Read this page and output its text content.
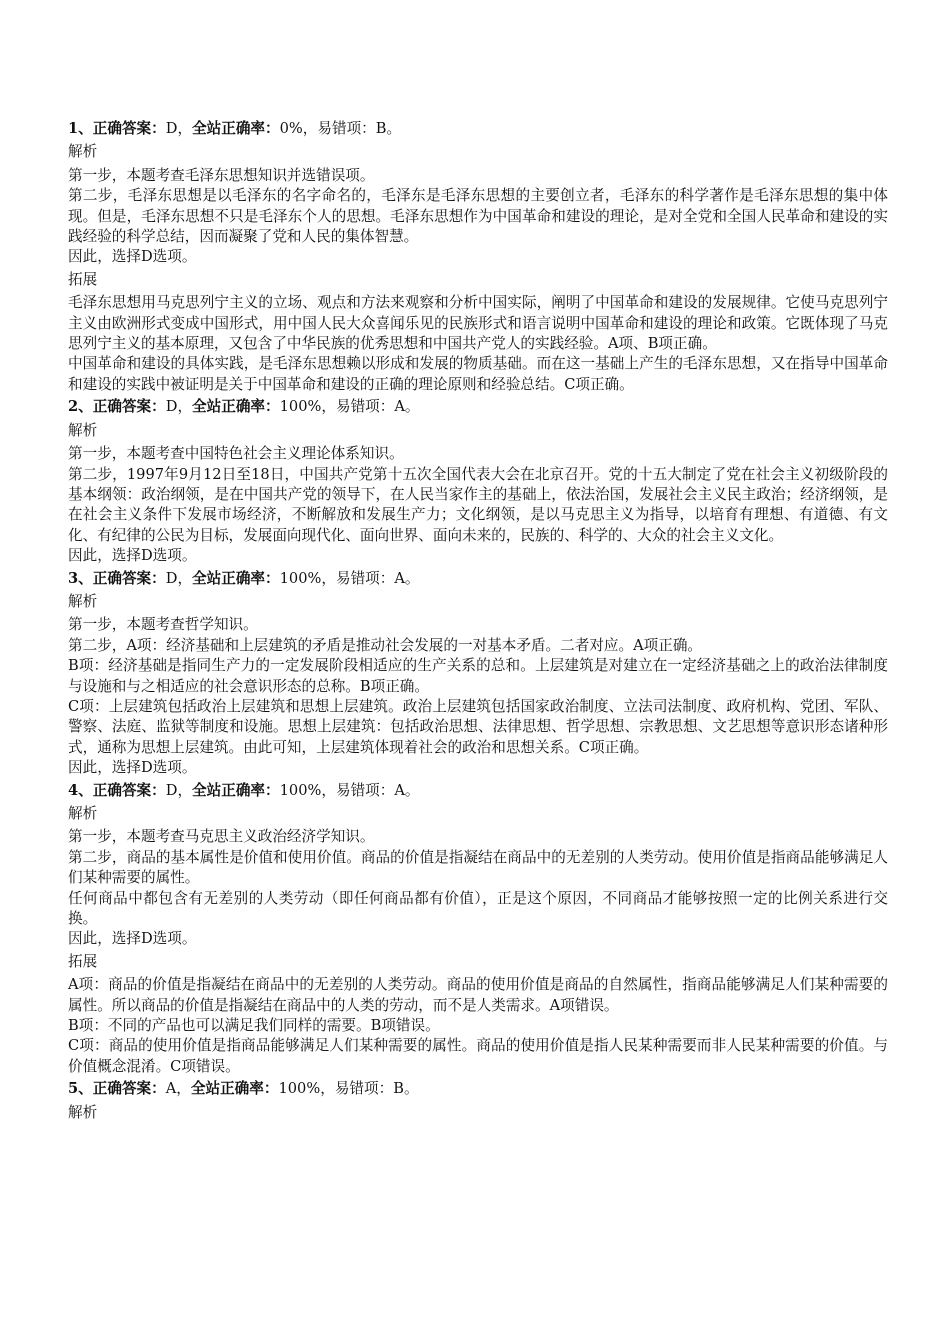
1、正确答案：D，全站正确率：0%，易错项：B。
解析

第一步，本题考查毛泽东思想知识并选错误项。

第二步，毛泽东思想是以毛泽东的名字命名的，毛泽东是毛泽东思想的主要创立者，毛泽东的科学著作是毛泽东思想的集中体现。但是，毛泽东思想不只是毛泽东个人的思想。毛泽东思想作为中国革命和建设的理论，是对全党和全国人民革命和建设的实践经验的科学总结，因而凝聚了党和人民的集体智慧。

因此，选择D选项。

拓展

毛泽东思想用马克思列宁主义的立场、观点和方法来观察和分析中国实际，阐明了中国革命和建设的发展规律。它使马克思列宁主义由欧洲形式变成中国形式，用中国人民大众喜闻乐见的民族形式和语言说明中国革命和建设的理论和政策。它既体现了马克思列宁主义的基本原理，又包含了中华民族的优秀思想和中国共产党人的实践经验。A项、B项正确。

中国革命和建设的具体实践，是毛泽东思想赖以形成和发展的物质基础。而在这一基础上产生的毛泽东思想，又在指导中国革命和建设的实践中被证明是关于中国革命和建设的正确的理论原则和经验总结。C项正确。

2、正确答案：D，全站正确率：100%，易错项：A。
解析

第一步，本题考查中国特色社会主义理论体系知识。

第二步，1997年9月12日至18日，中国共产党第十五次全国代表大会在北京召开。党的十五大制定了党在社会主义初级阶段的基本纲领：政治纲领，是在中国共产党的领导下，在人民当家作主的基础上，依法治国，发展社会主义民主政治；经济纲领，是在社会主义条件下发展市场经济，不断解放和发展生产力；文化纲领，是以马克思主义为指导，以培育有理想、有道德、有文化、有纪律的公民为目标，发展面向现代化、面向世界、面向未来的，民族的、科学的、大众的社会主义文化。

因此，选择D选项。

3、正确答案：D，全站正确率：100%，易错项：A。
解析

第一步，本题考查哲学知识。

第二步，A项：经济基础和上层建筑的矛盾是推动社会发展的一对基本矛盾。二者对应。A项正确。

B项：经济基础是指同生产力的一定发展阶段相适应的生产关系的总和。上层建筑是对建立在一定经济基础之上的政治法律制度与设施和与之相适应的社会意识形态的总称。B项正确。

C项：上层建筑包括政治上层建筑和思想上层建筑。政治上层建筑包括国家政治制度、立法司法制度、政府机构、党团、军队、警察、法庭、监狱等制度和设施。思想上层建筑：包括政治思想、法律思想、哲学思想、宗教思想、文艺思想等意识形态诸种形式，通称为思想上层建筑。由此可知，上层建筑体现着社会的政治和思想关系。C项正确。

因此，选择D选项。

4、正确答案：D，全站正确率：100%，易错项：A。
解析

第一步，本题考查马克思主义政治经济学知识。

第二步，商品的基本属性是价值和使用价值。商品的价值是指凝结在商品中的无差别的人类劳动。使用价值是指商品能够满足人们某种需要的属性。

任何商品中都包含有无差别的人类劳动（即任何商品都有价值），正是这个原因，不同商品才能够按照一定的比例关系进行交换。

因此，选择D选项。

拓展

A项：商品的价值是指凝结在商品中的无差别的人类劳动。商品的使用价值是商品的自然属性，指商品能够满足人们某种需要的属性。所以商品的价值是指凝结在商品中的人类的劳动，而不是人类需求。A项错误。

B项：不同的产品也可以满足我们同样的需要。B项错误。

C项：商品的使用价值是指商品能够满足人们某种需要的属性。商品的使用价值是指人民某种需要而非人民某种需要的价值。与价值概念混淆。C项错误。

5、正确答案：A，全站正确率：100%，易错项：B。
解析
